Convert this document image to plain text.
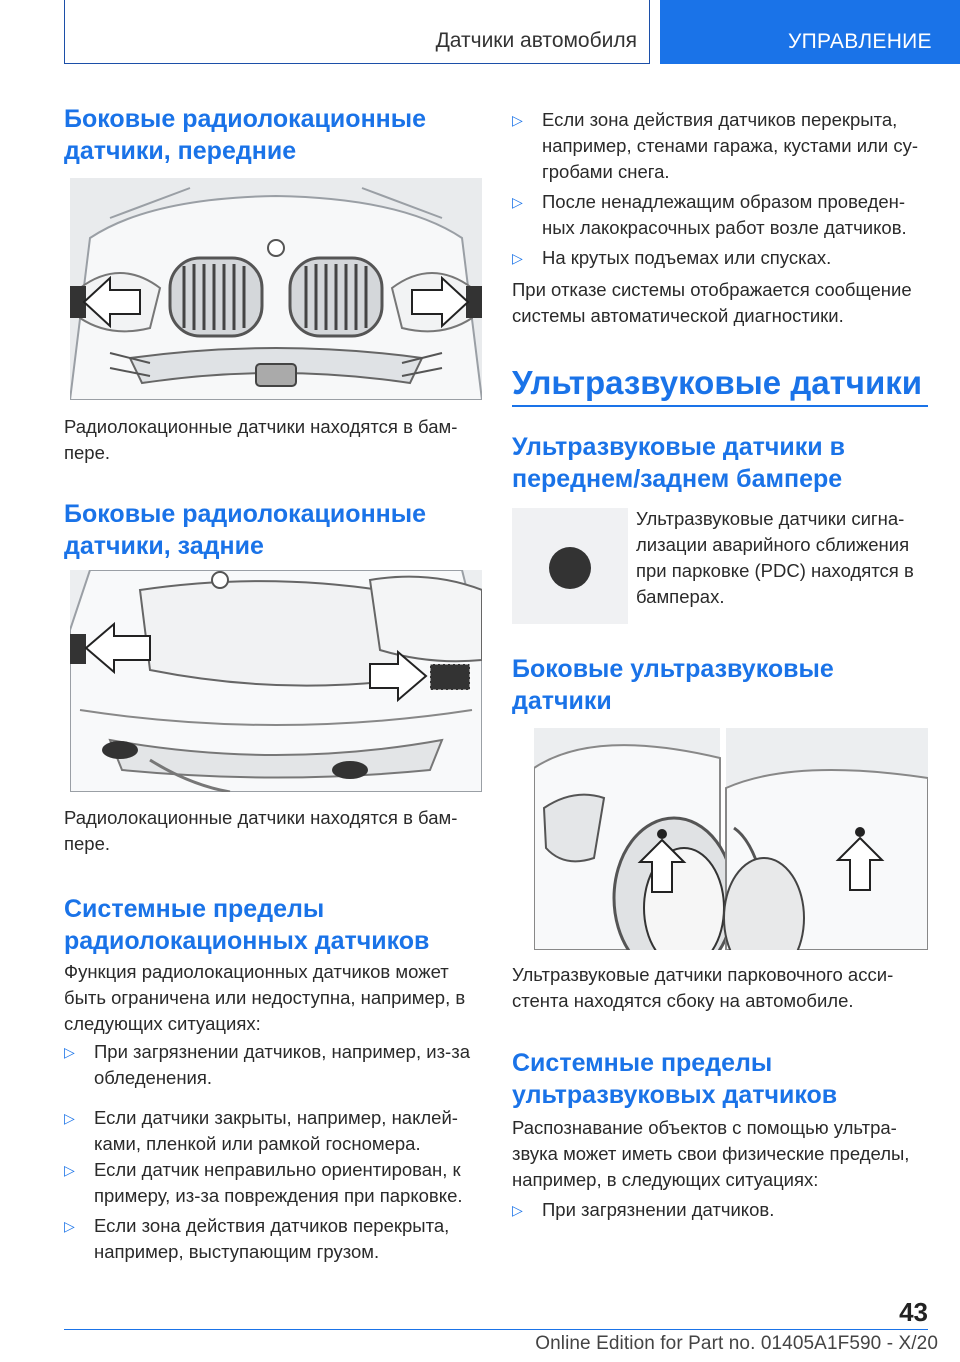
Датчики автомобиля	УПРАВЛЕНИЕ
Боковые радиолокационные датчики, передние
Радиолокационные датчики находятся в бампере.
Боковые радиолокационные датчики, задние
Радиолокационные датчики находятся в бампере.
Системные пределы радиолокационных датчиков
Функция радиолокационных датчиков может быть ограничена или недоступна, например, в следующих ситуациях:
▷	При загрязнении датчиков, например, из-за обледенения.
▷	Если датчики закрыты, например, наклейками, пленкой или рамкой госномера.
▷	Если датчик неправильно ориентирован, к примеру, из-за повреждения при парковке.
▷	Если зона действия датчиков перекрыта, например, выступающим грузом.
▷	Если зона действия датчиков перекрыта, например, стенами гаража, кустами или сугробами снега.
▷	После ненадлежащим образом проведенных лакокрасочных работ возле датчиков.
▷	На крутых подъемах или спусках.
При отказе системы отображается сообщение системы автоматической диагностики.
Ультразвуковые датчики
Ультразвуковые датчики в переднем/заднем бампере
Ультразвуковые датчики сигнализации аварийного сближения при парковке (PDC) находятся в бамперах.
Боковые ультразвуковые датчики
Ультразвуковые датчики парковочного ассистента находятся сбоку на автомобиле.
Системные пределы ультразвуковых датчиков
Распознавание объектов с помощью ультразвука может иметь свои физические пределы, например, в следующих ситуациях:
▷	При загрязнении датчиков.
43
Online Edition for Part no. 01405A1F590 - X/20
